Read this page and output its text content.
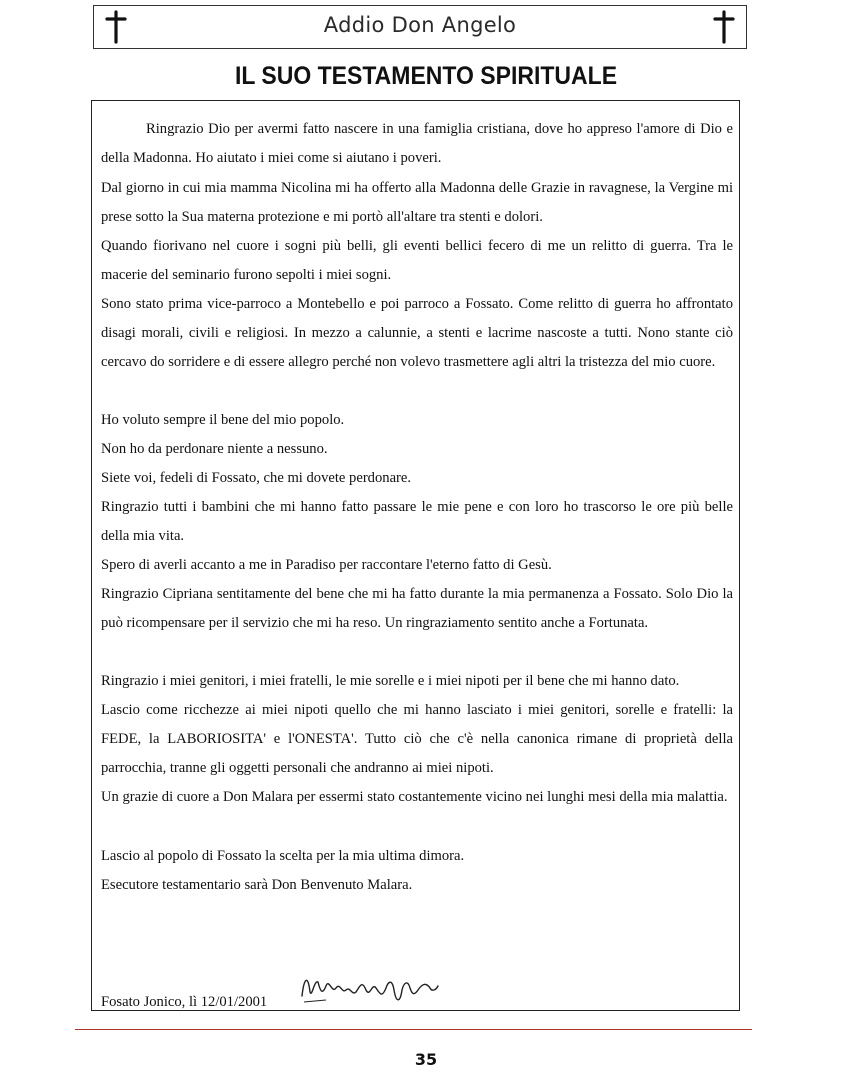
Addio Don Angelo
IL SUO TESTAMENTO SPIRITUALE

Ringrazio Dio per avermi fatto nascere in una famiglia cristiana, dove ho appreso l'amore di Dio e della Madonna. Ho aiutato i miei come si aiutano i poveri.

Dal giorno in cui mia mamma Nicolina mi ha offerto alla Madonna delle Grazie in ravagnese, la Vergine mi prese sotto la Sua materna protezione e mi portò all'altare tra stenti e dolori.

Quando fiorivano nel cuore i sogni più belli, gli eventi bellici fecero di me un relitto di guerra. Tra le macerie del seminario furono sepolti i miei sogni.

Sono stato prima vice-parroco a Montebello e poi parroco a Fossato. Come relitto di guerra ho affrontato disagi morali, civili e religiosi. In mezzo a calunnie, a stenti e lacrime nascoste a tutti. Nono stante ciò cercavo do sorridere e di essere allegro perché non volevo trasmettere agli altri la tristezza del mio cuore.

Ho voluto sempre il bene del mio popolo.

Non ho da perdonare niente a nessuno.

Siete voi, fedeli di Fossato, che mi dovete perdonare.

Ringrazio tutti i bambini che mi hanno fatto passare le mie pene e con loro ho trascorso le ore più belle della mia vita.

Spero di averli accanto a me in Paradiso per raccontare l'eterno fatto di Gesù.

Ringrazio Cipriana sentitamente del bene che mi ha fatto durante la mia permanenza a Fossato. Solo Dio la può ricompensare per il servizio che mi ha reso. Un ringraziamento sentito anche a Fortunata.

Ringrazio i miei genitori, i miei fratelli, le mie sorelle e i miei nipoti per il bene che mi hanno dato.

Lascio come ricchezze ai miei nipoti quello che mi hanno lasciato i miei genitori, sorelle e fratelli: la FEDE, la LABORIOSITA' e l'ONESTA'. Tutto ciò che c'è nella canonica rimane di proprietà della parrocchia, tranne gli oggetti personali che andranno ai miei nipoti.

Un grazie di cuore a Don Malara per essermi stato costantemente vicino nei lunghi mesi della mia malattia.

Lascio al popolo di Fossato la scelta per la mia ultima dimora.

Esecutore testamentario sarà Don Benvenuto Malara.

Fosato Jonico, lì 12/01/2001
35
